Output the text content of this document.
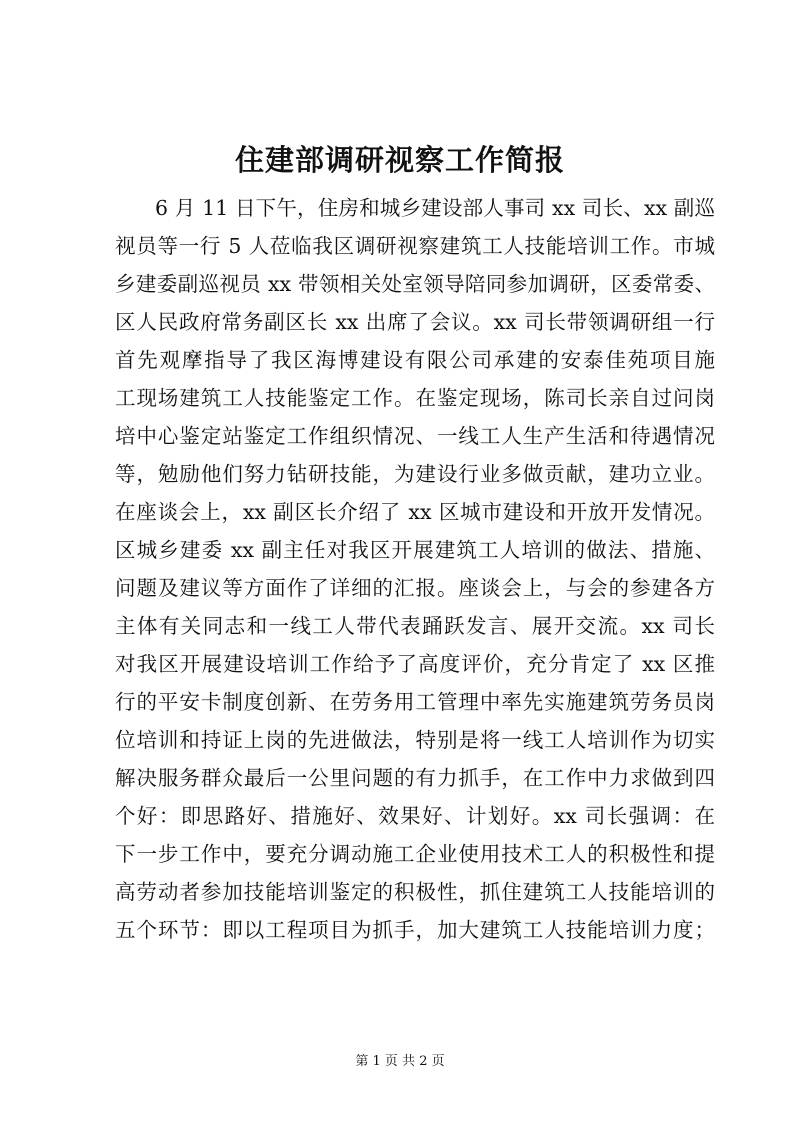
住建部调研视察工作简报
6 月 11 日下午，住房和城乡建设部人事司 xx 司长、xx 副巡
视员等一行 5 人莅临我区调研视察建筑工人技能培训工作。市城
乡建委副巡视员 xx 带领相关处室领导陪同参加调研，区委常委、
区人民政府常务副区长 xx 出席了会议。xx 司长带领调研组一行
首先观摩指导了我区海博建设有限公司承建的安泰佳苑项目施
工现场建筑工人技能鉴定工作。在鉴定现场，陈司长亲自过问岗
培中心鉴定站鉴定工作组织情况、一线工人生产生活和待遇情况
等，勉励他们努力钻研技能，为建设行业多做贡献，建功立业。
在座谈会上，xx 副区长介绍了 xx 区城市建设和开放开发情况。
区城乡建委 xx 副主任对我区开展建筑工人培训的做法、措施、
问题及建议等方面作了详细的汇报。座谈会上，与会的参建各方
主体有关同志和一线工人带代表踊跃发言、展开交流。xx 司长
对我区开展建设培训工作给予了高度评价，充分肯定了 xx 区推
行的平安卡制度创新、在劳务用工管理中率先实施建筑劳务员岗
位培训和持证上岗的先进做法，特别是将一线工人培训作为切实
解决服务群众最后一公里问题的有力抓手，在工作中力求做到四
个好：即思路好、措施好、效果好、计划好。xx 司长强调：在
下一步工作中，要充分调动施工企业使用技术工人的积极性和提
高劳动者参加技能培训鉴定的积极性，抓住建筑工人技能培训的
五个环节：即以工程项目为抓手，加大建筑工人技能培训力度；
第 1 页 共 2 页
